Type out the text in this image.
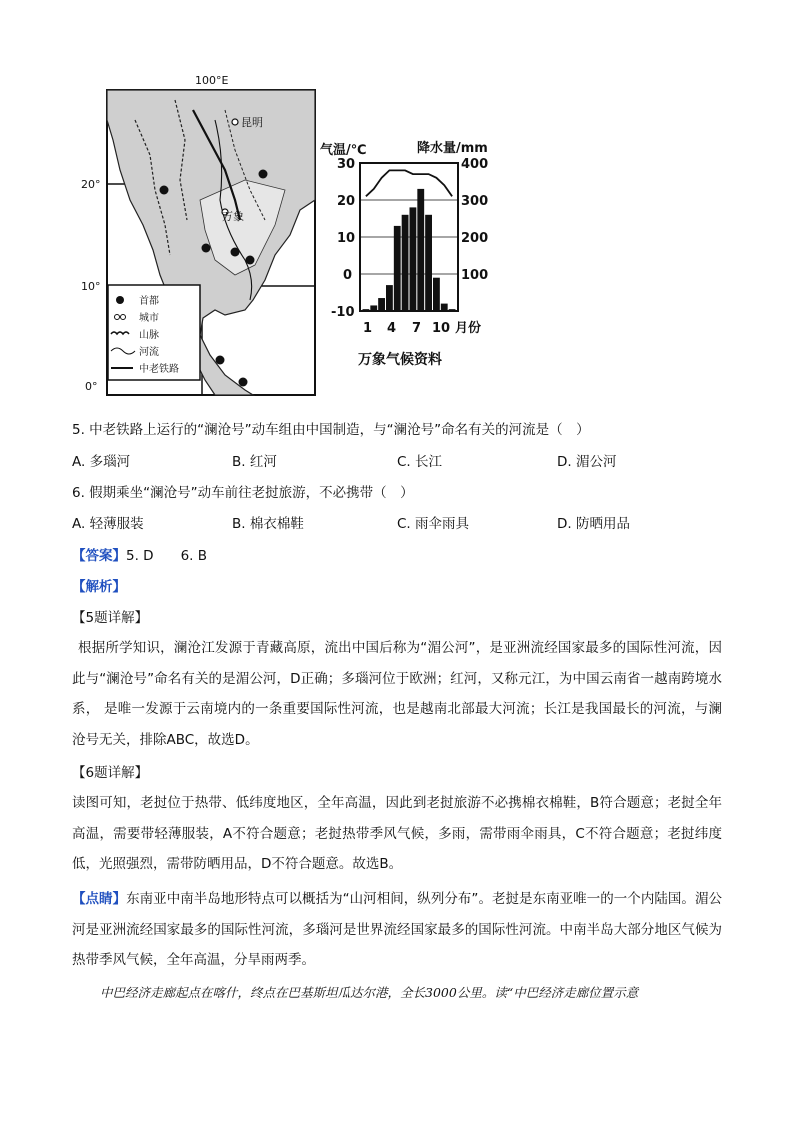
100°E
20°
10°
0°
昆明
万象
首都
城市
山脉
河流
中老铁路
气温/℃	降水量/mm
30
20
10
0
-10
400
300
200
100
1 4 7 10 月份
万象气候资料
5. 中老铁路上运行的“澜沧号”动车组由中国制造，与“澜沧号”命名有关的河流是（　）
A. 多瑙河	B. 红河	C. 长江	D. 湄公河
6. 假期乘坐“澜沧号”动车前往老挝旅游，不必携带（　）
A. 轻薄服装	B. 棉衣棉鞋	C. 雨伞雨具	D. 防晒用品
【答案】5. D　　6. B
【解析】
【5题详解】
根据所学知识，澜沧江发源于青藏高原，流出中国后称为“湄公河”，是亚洲流经国家最多的国际性河流，因此与“澜沧号”命名有关的是湄公河，D正确；多瑙河位于欧洲；红河，又称元江，为中国云南省一越南跨境水系， 是唯一发源于云南境内的一条重要国际性河流，也是越南北部最大河流；长江是我国最长的河流，与澜沧号无关，排除ABC，故选D。
【6题详解】
读图可知，老挝位于热带、低纬度地区，全年高温，因此到老挝旅游不必携棉衣棉鞋，B符合题意；老挝全年高温，需要带轻薄服装，A不符合题意；老挝热带季风气候，多雨，需带雨伞雨具，C不符合题意；老挝纬度低，光照强烈，需带防晒用品，D不符合题意。故选B。
【点睛】东南亚中南半岛地形特点可以概括为“山河相间，纵列分布”。老挝是东南亚唯一的一个内陆国。湄公河是亚洲流经国家最多的国际性河流，多瑙河是世界流经国家最多的国际性河流。中南半岛大部分地区气候为热带季风气候，全年高温，分旱雨两季。
中巴经济走廊起点在喀什，终点在巴基斯坦瓜达尔港，全长3000公里。读“中巴经济走廊位置示意
